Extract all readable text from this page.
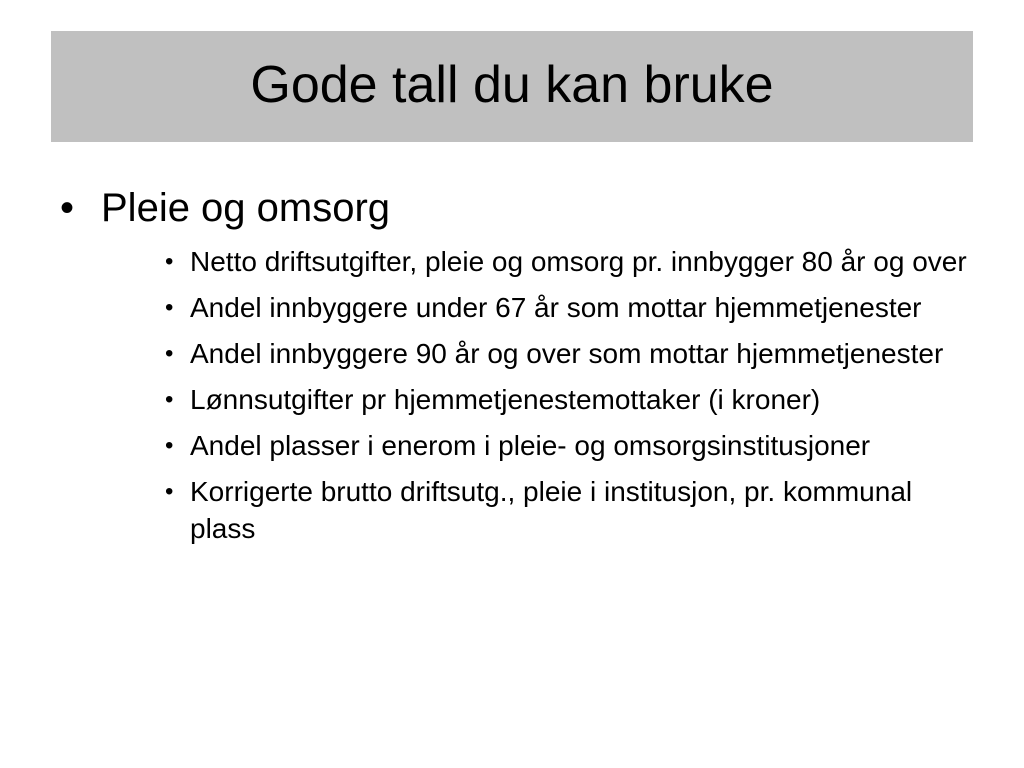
Gode tall du kan bruke
• Pleie og omsorg
• Netto driftsutgifter, pleie og omsorg pr. innbygger 80 år og over
• Andel innbyggere under 67 år som mottar hjemmetjenester
• Andel innbyggere 90 år og over som mottar hjemmetjenester
• Lønnsutgifter pr hjemmetjenestemottaker (i kroner)
• Andel plasser i enerom i pleie- og omsorgsinstitusjoner
• Korrigerte brutto driftsutg., pleie i institusjon, pr. kommunal plass
